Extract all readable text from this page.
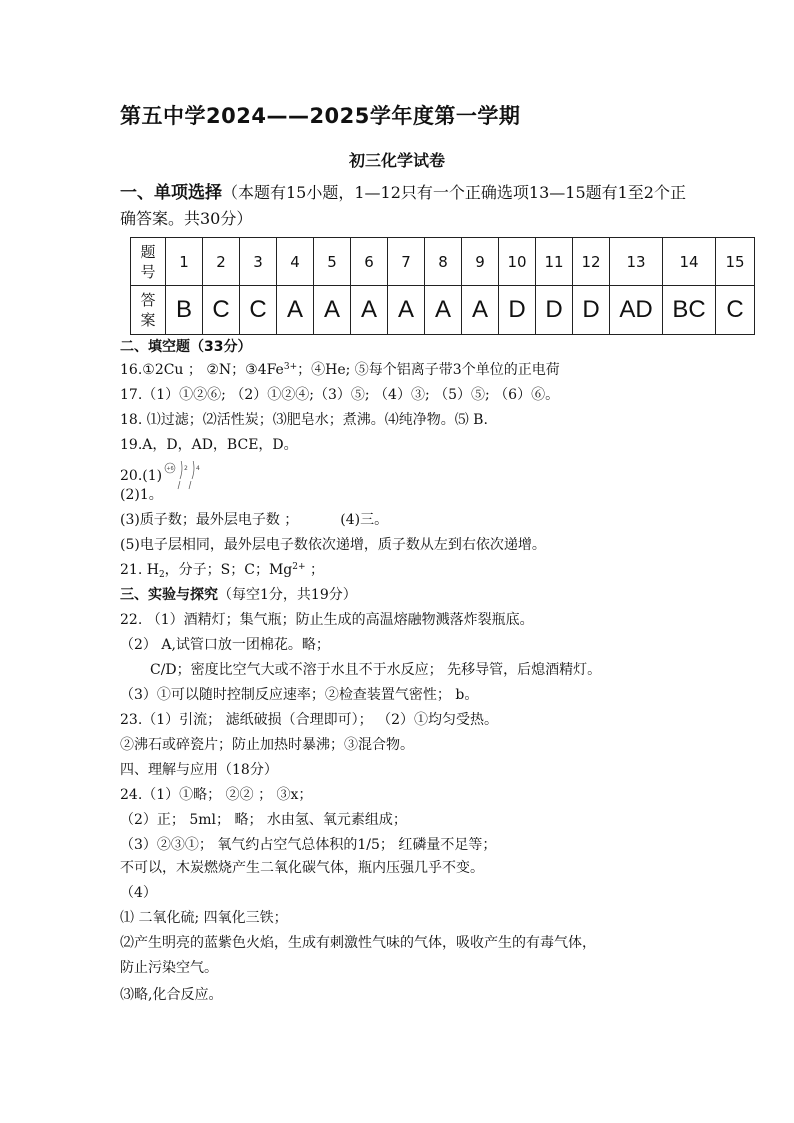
第五中学2024——2025学年度第一学期
初三化学试卷
一、单项选择（本题有15小题，1—12只有一个正确选项13—15题有1至2个正确答案。共30分）
题
号	1	2	3	4	5	6	7	8	9	10	11	12	13	14	15
答
案	B	C	C	A	A	A	A	A	A	D	D	D	AD	BC	C
二、填空题（33分）
16.①2Cu ； ②N；$③4Fe^{3+}$；④He; ⑤每个铝离子带3个单位的正电荷
17.（1）①②⑥; （2）①②④;（3）⑤; （4）③; （5）⑤; （6）⑥。
18. ⑴过滤；⑵活性炭；⑶肥皂水；煮沸。⑷纯净物。⑸ B.
19.A，D，AD，BCE，D。
20.(1) +6 2 4
(2)1。
(3)质子数；最外层电子数 ；	(4)三。
(5)电子层相同，最外层电子数依次递增，质子数从左到右依次递增。
21. $H_2$，分子；S；C；$Mg^{2+}$ ；
三、实验与探究（每空1分，共19分）
22. （1）酒精灯；集气瓶；防止生成的高温熔融物溅落炸裂瓶底。
（2） A,试管口放一团棉花。略；
C/D；密度比空气大或不溶于水且不于水反应； 先移导管，后熄酒精灯。
（3）①可以随时控制反应速率；②检查装置气密性； b。
23.（1）引流； 滤纸破损（合理即可）； （2）①均匀受热。
②沸石或碎瓷片；防止加热时暴沸；③混合物。
四、理解与应用（18分）
24.（1）①略； ②② ； ③x；
（2）正； 5ml； 略； 水由氢、氧元素组成；
（3）②③①； 氧气约占空气总体积的1/5； 红磷量不足等；
不可以，木炭燃烧产生二氧化碳气体，瓶内压强几乎不变。
（4）
⑴ 二氧化硫; 四氧化三铁；
⑵产生明亮的蓝紫色火焰，生成有刺激性气味的气体，吸收产生的有毒气体，
防止污染空气。
⑶略,化合反应。
